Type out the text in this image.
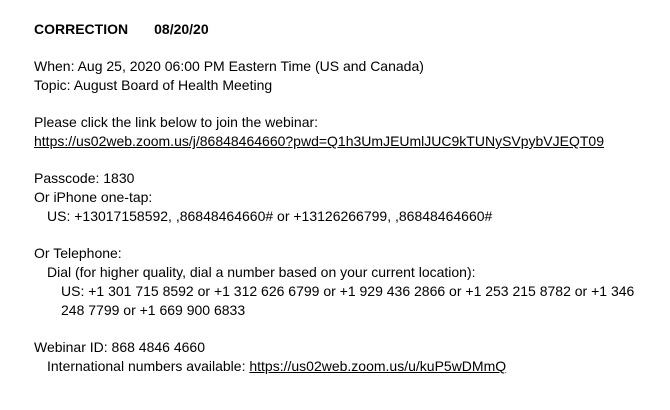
CORRECTION 08/20/20
When: Aug 25, 2020 06:00 PM Eastern Time (US and Canada)
Topic: August Board of Health Meeting
Please click the link below to join the webinar:
https://us02web.zoom.us/j/86848464660?pwd=Q1h3UmJEUmlJUC9kTUNySVpybVJEQT09
Passcode: 1830
Or iPhone one-tap:
US: +13017158592, ,86848464660# or +13126266799, ,86848464660#
Or Telephone:
Dial (for higher quality, dial a number based on your current location):
US: +1 301 715 8592 or +1 312 626 6799 or +1 929 436 2866 or +1 253 215 8782 or +1 346
248 7799 or +1 669 900 6833
Webinar ID: 868 4846 4660
International numbers available: https://us02web.zoom.us/u/kuP5wDMmQ
